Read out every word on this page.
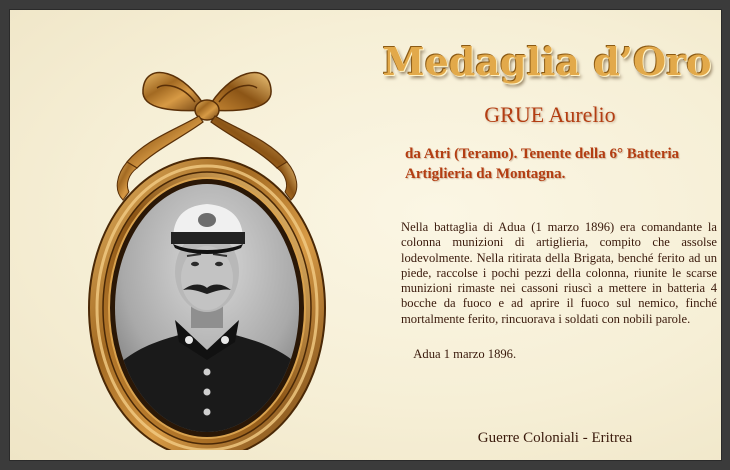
Medaglia d’Oro
GRUE Aurelio
da Atri (Teramo). Tenente della 6° Batteria Artiglieria da Montagna.
Nella battaglia di Adua (1 marzo 1896) era comandante la colonna munizioni di artiglieria, compito che assolse lodevolmente. Nella ritirata della Brigata, benché ferito ad un piede, raccolse i pochi pezzi della colonna, riunite le scarse munizioni rimaste nei cassoni riuscì a mettere in batteria 4 bocche da fuoco e ad aprire il fuoco sul nemico, finché mortalmente ferito, rincuorava i soldati con nobili parole.
Adua 1 marzo 1896.
Guerre Coloniali - Eritrea
